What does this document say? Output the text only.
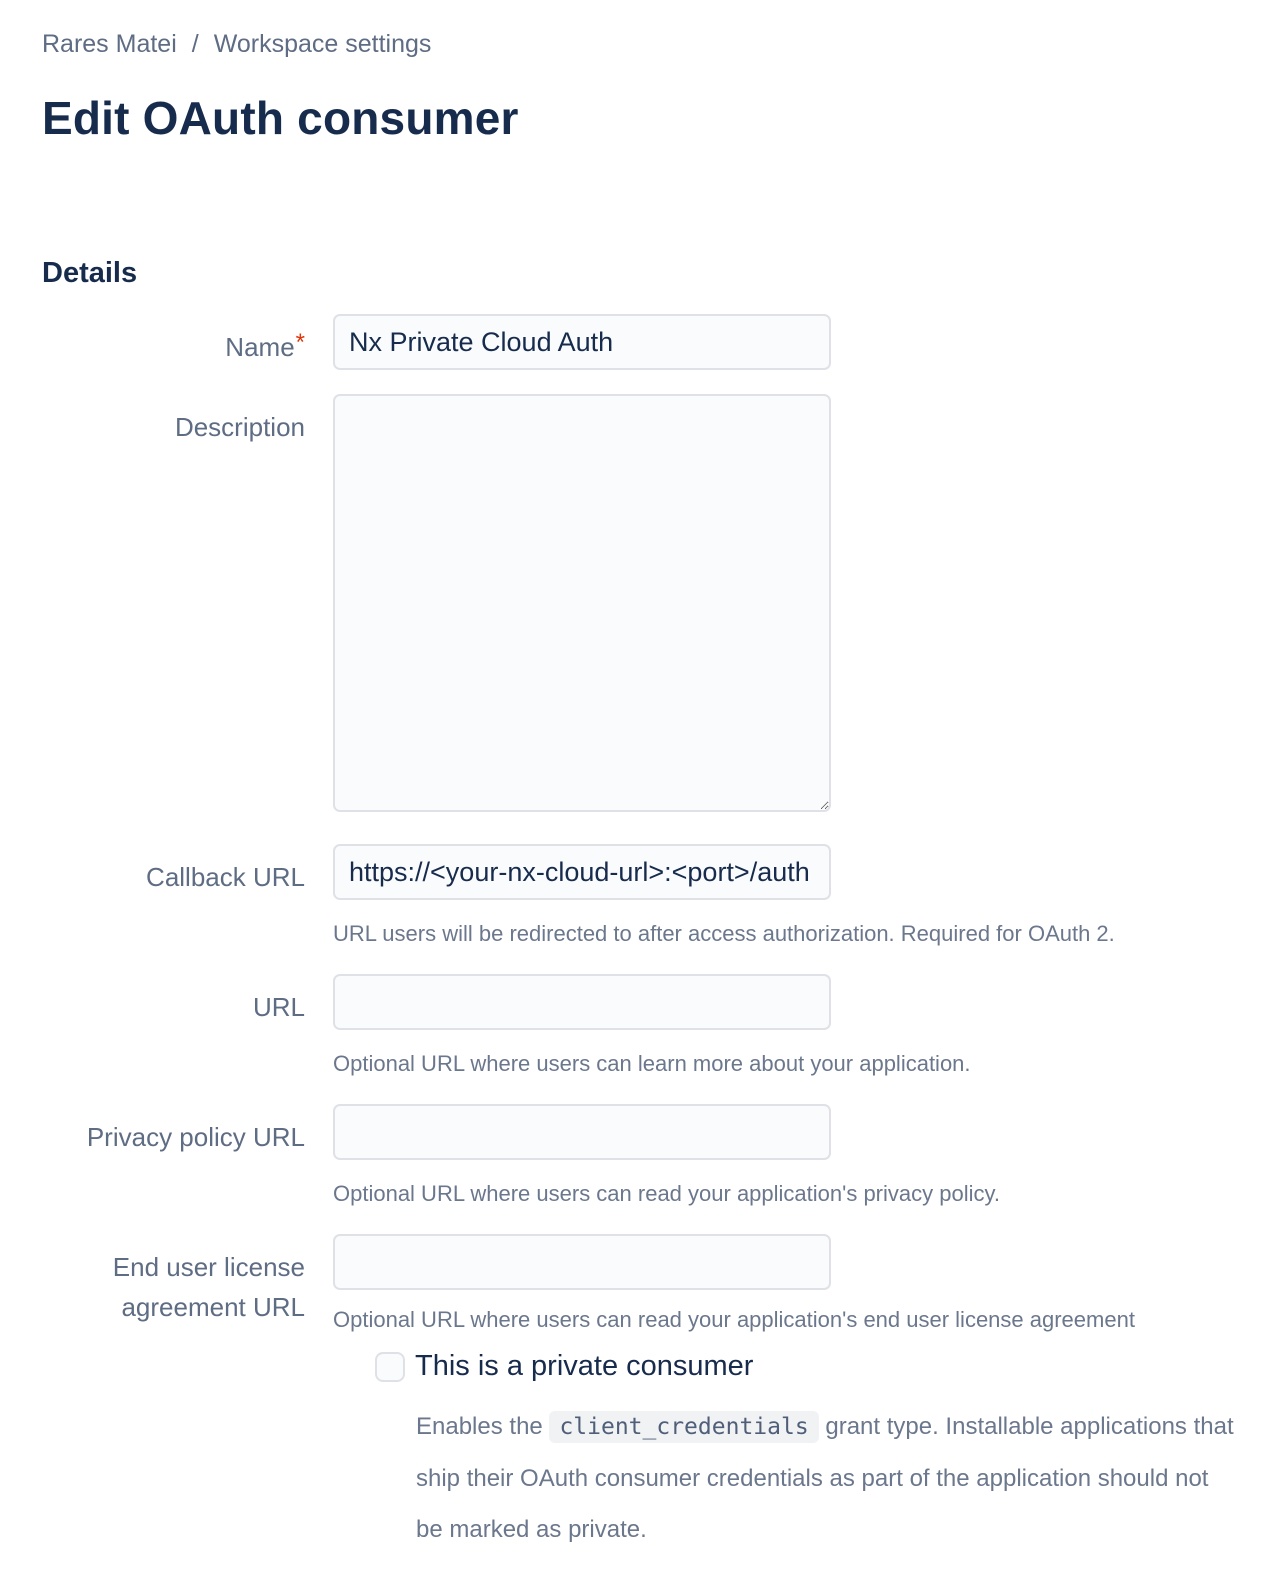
Rares Matei / Workspace settings
Edit OAuth consumer
Details
Name*
Nx Private Cloud Auth
Description
Callback URL
https://<your-nx-cloud-url>:<port>/auth
URL users will be redirected to after access authorization. Required for OAuth 2.
URL
Optional URL where users can learn more about your application.
Privacy policy URL
Optional URL where users can read your application's privacy policy.
End user license agreement URL	Optional URL where users can read your application's end user license agreement
This is a private consumer

Enables the client_credentials grant type. Installable applications that ship their OAuth consumer credentials as part of the application should not be marked as private.
